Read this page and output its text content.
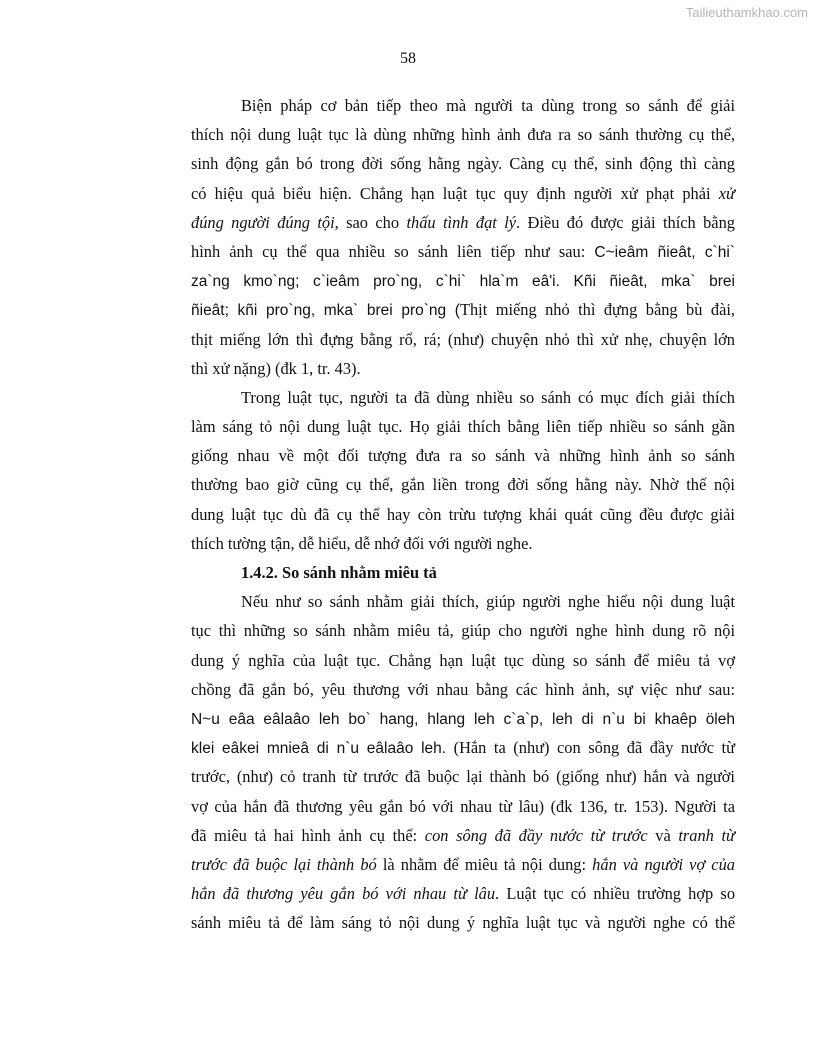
Tailieuthamkhao.com
58
Biện pháp cơ bản tiếp theo mà người ta dùng trong so sánh để giải
thích nội dung luật tục là dùng những hình ảnh đưa ra so sánh thường cụ thể,
sinh động gắn bó trong đời sống hằng ngày. Càng cụ thể, sinh động thì càng
có hiệu quả biểu hiện. Chẳng hạn luật tục quy định người xử phạt phải xử
đúng người đúng tội, sao cho thấu tình đạt lý. Điều đó được giải thích bằng
hình ảnh cụ thể qua nhiều so sánh liên tiếp như sau: C~ieâm ñieât, c`hi`
za`ng kmo`ng; c`ieâm pro`ng, c`hi` hla`m eâ'i. Kñi ñieât, mka` brei
ñieât; kñi pro`ng, mka` brei pro`ng (Thịt miếng nhỏ thì đựng bằng bù đài,
thịt miếng lớn thì đựng bằng rổ, rá; (như) chuyện nhỏ thì xử nhẹ, chuyện lớn
thì xử nặng) (đk 1, tr. 43).
Trong luật tục, người ta đã dùng nhiều so sánh có mục đích giải thích
làm sáng tỏ nội dung luật tục. Họ giải thích bằng liên tiếp nhiều so sánh gần
giống nhau về một đối tượng đưa ra so sánh và những hình ảnh so sánh
thường bao giờ cũng cụ thể, gắn liền trong đời sống hằng này. Nhờ thế nội
dung luật tục dù đã cụ thể hay còn trừu tượng khái quát cũng đều được giải
thích tường tận, dễ hiểu, dễ nhớ đối với người nghe.
1.4.2. So sánh nhằm miêu tả
Nếu như so sánh nhằm giải thích, giúp người nghe hiểu nội dung luật
tục thì những so sánh nhằm miêu tả, giúp cho người nghe hình dung rõ nội
dung ý nghĩa của luật tục. Chẳng hạn luật tục dùng so sánh để miêu tả vợ
chồng đã gắn bó, yêu thương với nhau bằng các hình ảnh, sự việc như sau:
N~u eâa eâlaâo leh bo` hang, hlang leh c`a`p, leh di n`u bi khaêp öleh
klei eâkei mnieâ di n`u eâlaâo leh. (Hắn ta (như) con sông đã đầy nước từ
trước, (như) cỏ tranh từ trước đã buộc lại thành bó (giống như) hắn và người
vợ của hắn đã thương yêu gắn bó với nhau từ lâu) (đk 136, tr. 153). Người ta
đã miêu tả hai hình ảnh cụ thể: con sông đã đầy nước từ trước và tranh từ
trước đã buộc lại thành bó là nhằm để miêu tả nội dung: hắn và người vợ của
hắn đã thương yêu gắn bó với nhau từ lâu. Luật tục có nhiều trường hợp so
sánh miêu tả để làm sáng tỏ nội dung ý nghĩa luật tục và người nghe có thể
